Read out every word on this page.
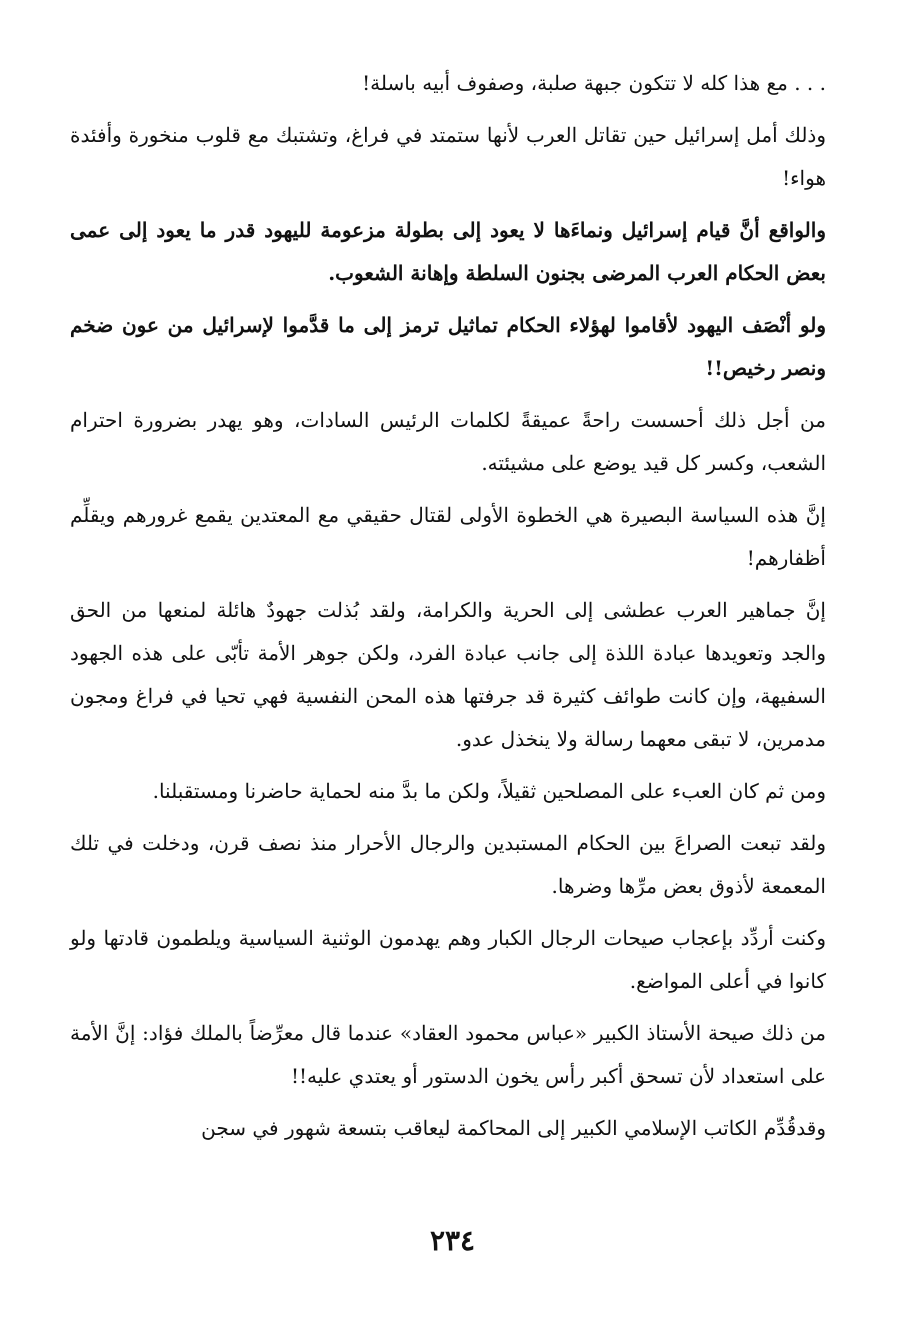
. . . مع هذا كله لا تتكون جبهة صلبة، وصفوف أبيه باسلة!

وذلك أمل إسرائيل حين تقاتل العرب لأنها ستمتد في فراغ، وتشتبك مع قلوب منخورة وأفئدة هواء!

والواقع أنَّ قيام إسرائيل ونماءَها لا يعود إلى بطولة مزعومة لليهود قدر ما يعود إلى عمى بعض الحكام العرب المرضى بجنون السلطة وإهانة الشعوب.

ولو أنْصَف اليهود لأقاموا لهؤلاء الحكام تماثيل ترمز إلى ما قدَّموا لإسرائيل من عون ضخم ونصر رخيص!!

من أجل ذلك أحسست راحةً عميقةً لكلمات الرئيس السادات، وهو يهدر بضرورة احترام الشعب، وكسر كل قيد يوضع على مشيئته.

إنَّ هذه السياسة البصيرة هي الخطوة الأولى لقتال حقيقي مع المعتدين يقمع غرورهم ويقلِّم أظفارهم!

إنَّ جماهير العرب عطشى إلى الحرية والكرامة، ولقد بُذلت جهودٌ هائلة لمنعها من الحق والجد وتعويدها عبادة اللذة إلى جانب عبادة الفرد، ولكن جوهر الأمة تأبّى على هذه الجهود السفيهة، وإن كانت طوائف كثيرة قد جرفتها هذه المحن النفسية فهي تحيا في فراغ ومجون مدمرين، لا تبقى معهما رسالة ولا ينخذل عدو.

ومن ثم كان العبء على المصلحين ثقيلاً، ولكن ما بدَّ منه لحماية حاضرنا ومستقبلنا.

ولقد تبعت الصراعَ بين الحكام المستبدين والرجال الأحرار منذ نصف قرن، ودخلت في تلك المعمعة لأذوق بعض مرِّها وضرها.

وكنت أردِّد بإعجاب صيحات الرجال الكبار وهم يهدمون الوثنية السياسية ويلطمون قادتها ولو كانوا في أعلى المواضع.

من ذلك صيحة الأستاذ الكبير «عباس محمود العقاد» عندما قال معرِّضاً بالملك فؤاد: إنَّ الأمة على استعداد لأن تسحق أكبر رأس يخون الدستور أو يعتدي عليه!!

وقدقُدِّم الكاتب الإسلامي الكبير إلى المحاكمة ليعاقب بتسعة شهور في سجن

٢٣٤
